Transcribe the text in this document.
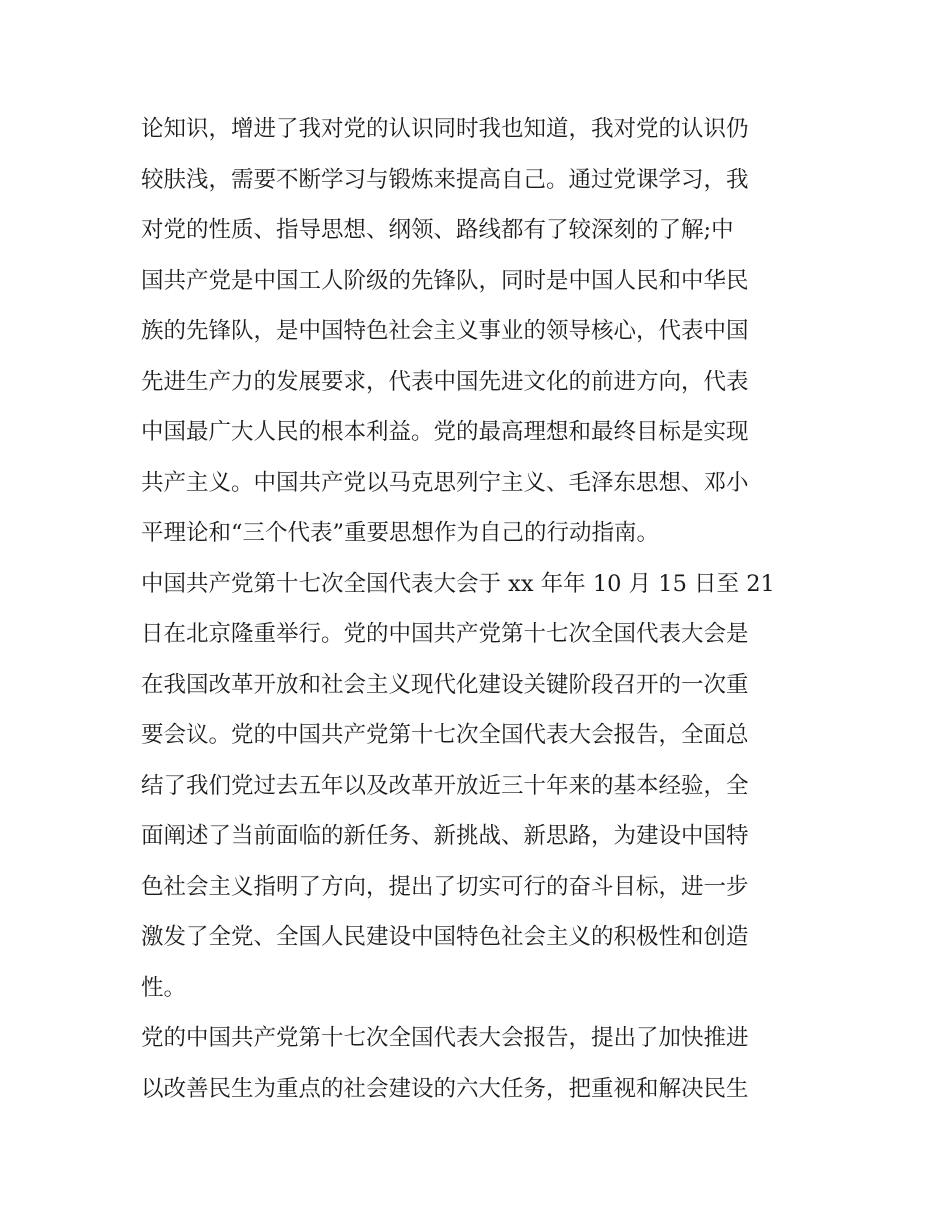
论知识，增进了我对党的认识同时我也知道，我对党的认识仍
较肤浅，需要不断学习与锻炼来提高自己。通过党课学习，我
对党的性质、指导思想、纲领、路线都有了较深刻的了解;中
国共产党是中国工人阶级的先锋队，同时是中国人民和中华民
族的先锋队，是中国特色社会主义事业的领导核心，代表中国
先进生产力的发展要求，代表中国先进文化的前进方向，代表
中国最广大人民的根本利益。党的最高理想和最终目标是实现
共产主义。中国共产党以马克思列宁主义、毛泽东思想、邓小
平理论和“三个代表”重要思想作为自己的行动指南。
中国共产党第十七次全国代表大会于 xx 年年 10 月 15 日至 21
日在北京隆重举行。党的中国共产党第十七次全国代表大会是
在我国改革开放和社会主义现代化建设关键阶段召开的一次重
要会议。党的中国共产党第十七次全国代表大会报告，全面总
结了我们党过去五年以及改革开放近三十年来的基本经验，全
面阐述了当前面临的新任务、新挑战、新思路，为建设中国特
色社会主义指明了方向，提出了切实可行的奋斗目标，进一步
激发了全党、全国人民建设中国特色社会主义的积极性和创造
性。
党的中国共产党第十七次全国代表大会报告，提出了加快推进
以改善民生为重点的社会建设的六大任务，把重视和解决民生
